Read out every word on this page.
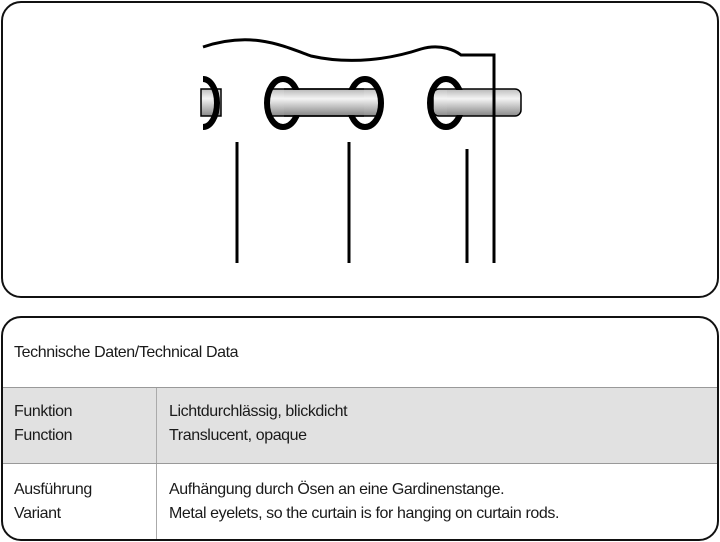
Technische Daten/Technical Data
Funktion
Function
Lichtdurchlässig, blickdicht
Translucent, opaque
Ausführung
Variant
Aufhängung durch Ösen an eine Gardinenstange.
Metal eyelets, so the curtain is for hanging on curtain rods.
